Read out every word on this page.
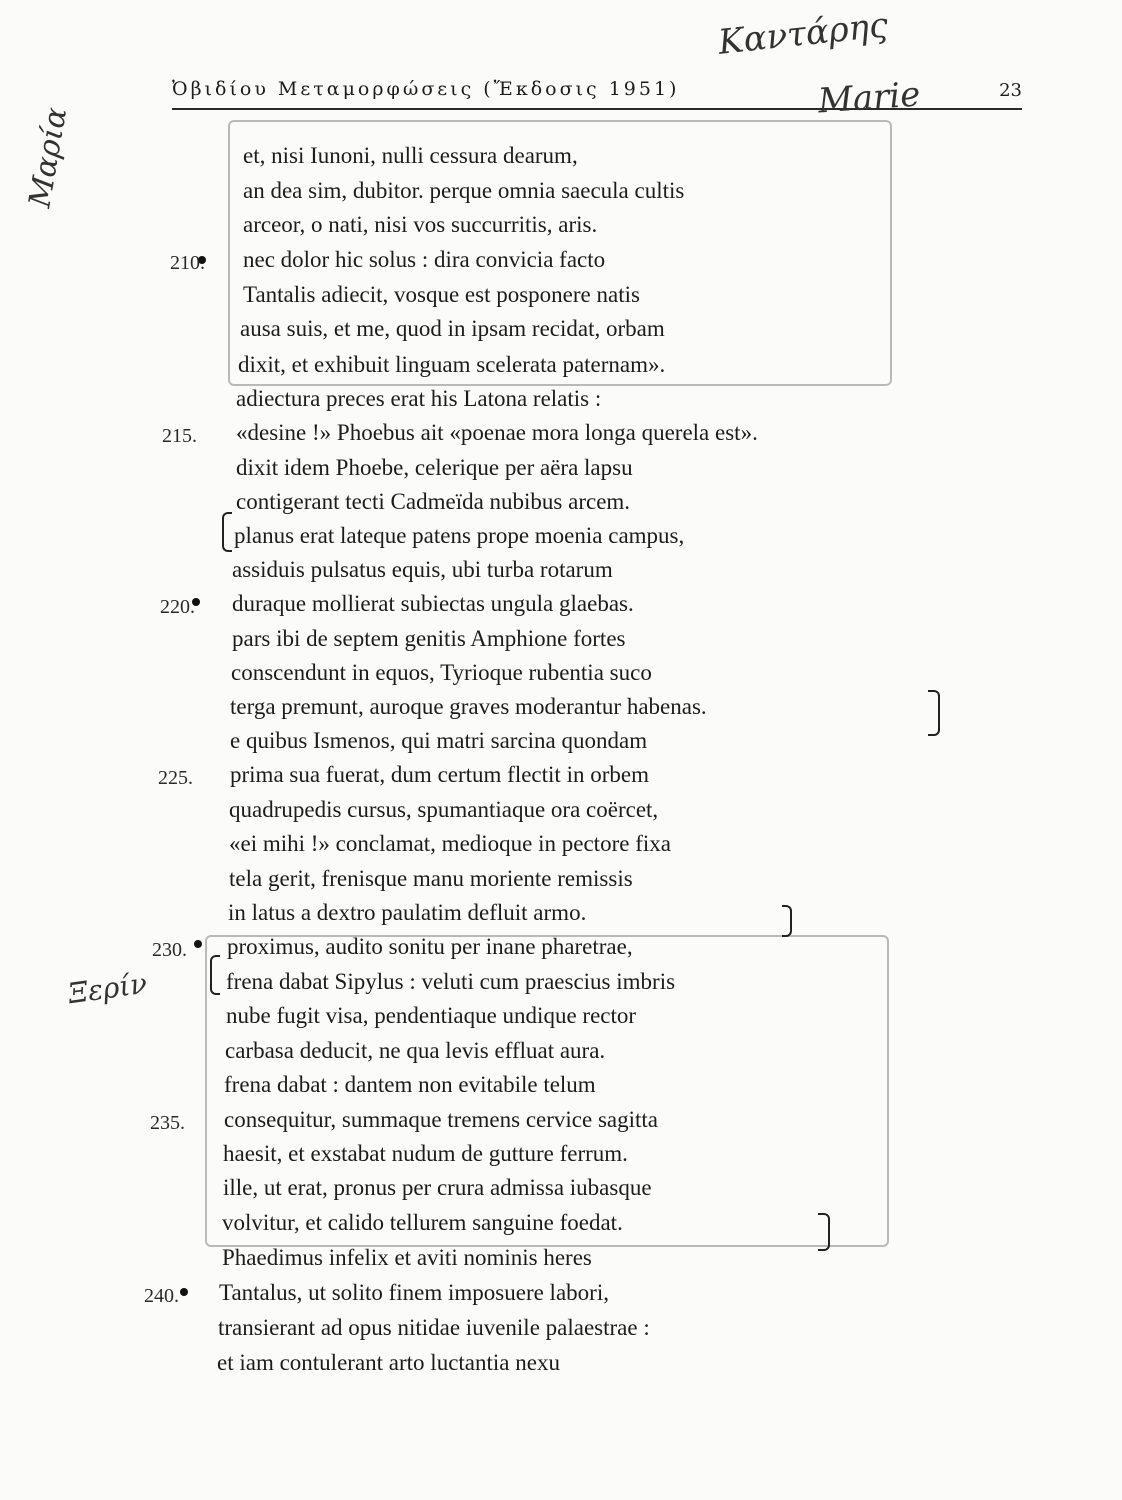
Ὀβιδίου Μεταμορφώσεις (Ἔκδοσις 1951)	23
Καντάρης
Marie
Μαρία
Ξερίν
et, nisi Iunoni, nulli cessura dearum,
an dea sim, dubitor. perque omnia saecula cultis
arceor, o nati, nisi vos succurritis, aris.
nec dolor hic solus : dira convicia facto
210.
Tantalis adiecit, vosque est posponere natis
ausa suis, et me, quod in ipsam recidat, orbam
dixit, et exhibuit linguam scelerata paternam».
adiectura preces erat his Latona relatis :
«desine !» Phoebus ait «poenae mora longa querela est».
215.
dixit idem Phoebe, celerique per aëra lapsu
contigerant tecti Cadmeïda nubibus arcem.
planus erat lateque patens prope moenia campus,
assiduis pulsatus equis, ubi turba rotarum
duraque mollierat subiectas ungula glaebas.
220.
pars ibi de septem genitis Amphione fortes
conscendunt in equos, Tyrioque rubentia suco
terga premunt, auroque graves moderantur habenas.
e quibus Ismenos, qui matri sarcina quondam
prima sua fuerat, dum certum flectit in orbem
225.
quadrupedis cursus, spumantiaque ora coërcet,
«ei mihi !» conclamat, medioque in pectore fixa
tela gerit, frenisque manu moriente remissis
in latus a dextro paulatim defluit armo.
proximus, audito sonitu per inane pharetrae,
230.
frena dabat Sipylus : veluti cum praescius imbris
nube fugit visa, pendentiaque undique rector
carbasa deducit, ne qua levis effluat aura.
frena dabat : dantem non evitabile telum
consequitur, summaque tremens cervice sagitta
235.
haesit, et exstabat nudum de gutture ferrum.
ille, ut erat, pronus per crura admissa iubasque
volvitur, et calido tellurem sanguine foedat.
Phaedimus infelix et aviti nominis heres
Tantalus, ut solito finem imposuere labori,
240.
transierant ad opus nitidae iuvenile palaestrae :
et iam contulerant arto luctantia nexu
